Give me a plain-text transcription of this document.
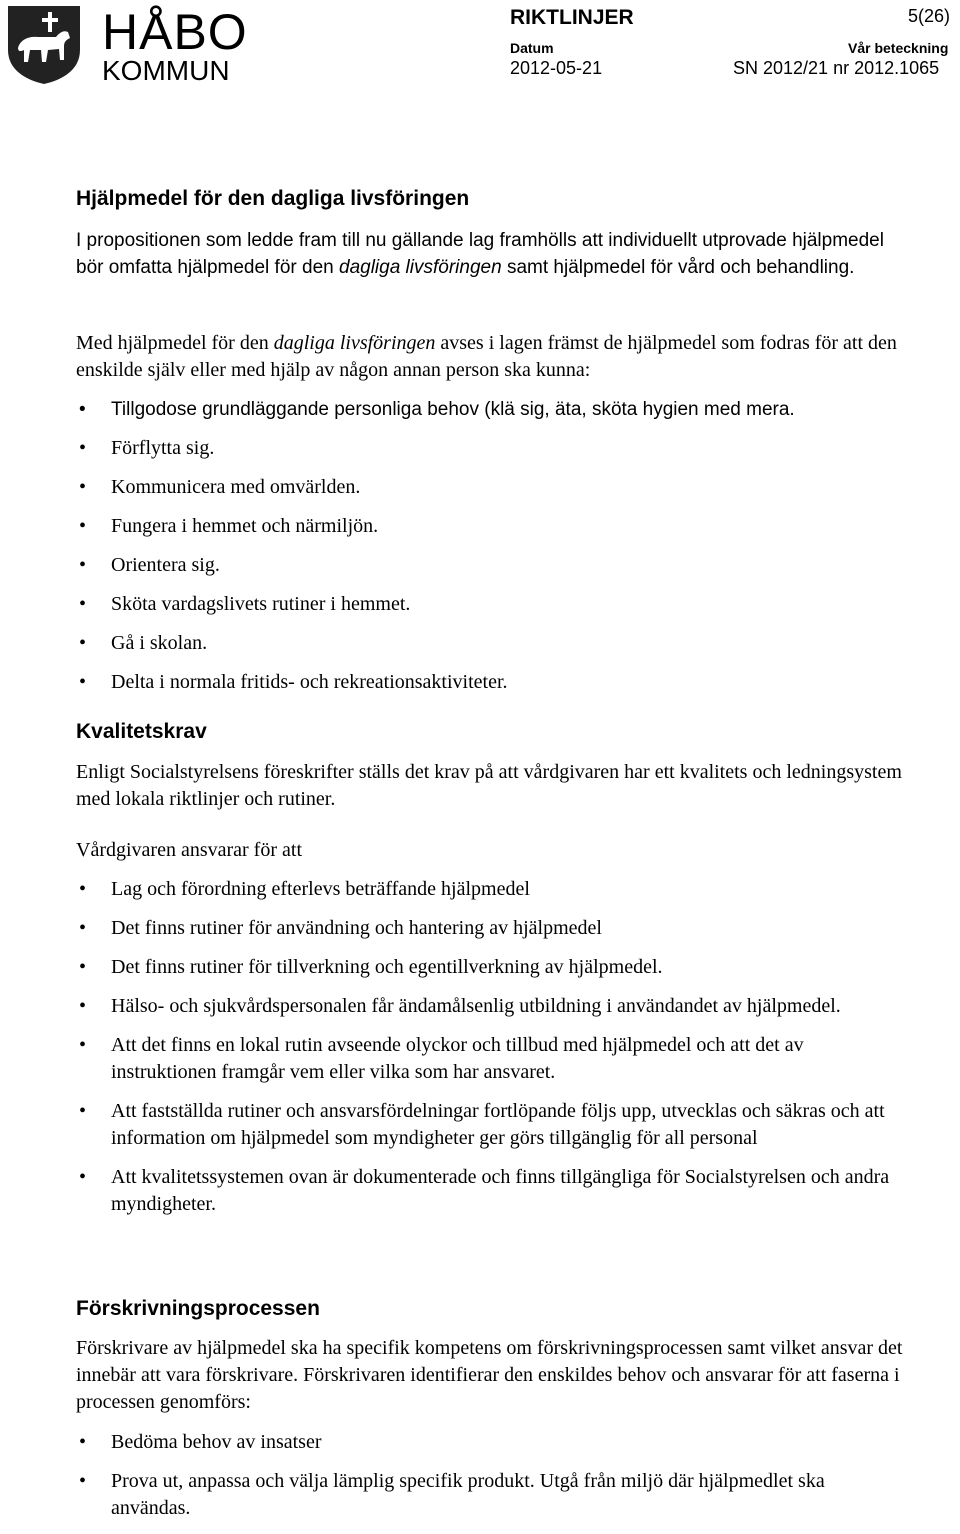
HÅBO
KOMMUN
RIKTLINJER	5(26)
Datum
2012-05-21
Vår beteckning
SN 2012/21 nr 2012.1065
Hjälpmedel för den dagliga livsföringen

I propositionen som ledde fram till nu gällande lag framhölls att individuellt utprovade hjälpmedel bör omfatta hjälpmedel för den dagliga livsföringen samt hjälpmedel för vård och behandling.

Med hjälpmedel för den dagliga livsföringen avses i lagen främst de hjälpmedel som fodras för att den enskilde själv eller med hjälp av någon annan person ska kunna:

• Tillgodose grundläggande personliga behov (klä sig, äta, sköta hygien med mera.
• Förflytta sig.
• Kommunicera med omvärlden.
• Fungera i hemmet och närmiljön.
• Orientera sig.
• Sköta vardagslivets rutiner i hemmet.
• Gå i skolan.
• Delta i normala fritids- och rekreationsaktiviteter.
Kvalitetskrav

Enligt Socialstyrelsens föreskrifter ställs det krav på att vårdgivaren har ett kvalitets och ledningsystem med lokala riktlinjer och rutiner.

Vårdgivaren ansvarar för att

• Lag och förordning efterlevs beträffande hjälpmedel
• Det finns rutiner för användning och hantering av hjälpmedel
• Det finns rutiner för tillverkning och egentillverkning av hjälpmedel.
• Hälso- och sjukvårdspersonalen får ändamålsenlig utbildning i användandet av hjälpmedel.
• Att det finns en lokal rutin avseende olyckor och tillbud med hjälpmedel och att det av instruktionen framgår vem eller vilka som har ansvaret.
• Att fastställda rutiner och ansvarsfördelningar fortlöpande följs upp, utvecklas och säkras och att information om hjälpmedel som myndigheter ger görs tillgänglig för all personal
• Att kvalitetssystemen ovan är dokumenterade och finns tillgängliga för Socialstyrelsen och andra myndigheter.
Förskrivningsprocessen

Förskrivare av hjälpmedel ska ha specifik kompetens om förskrivningsprocessen samt vilket ansvar det innebär att vara förskrivare. Förskrivaren identifierar den enskildes behov och ansvarar för att faserna i processen genomförs:

• Bedöma behov av insatser
• Prova ut, anpassa och välja lämplig specifik produkt. Utgå från miljö där hjälpmedlet ska användas.
